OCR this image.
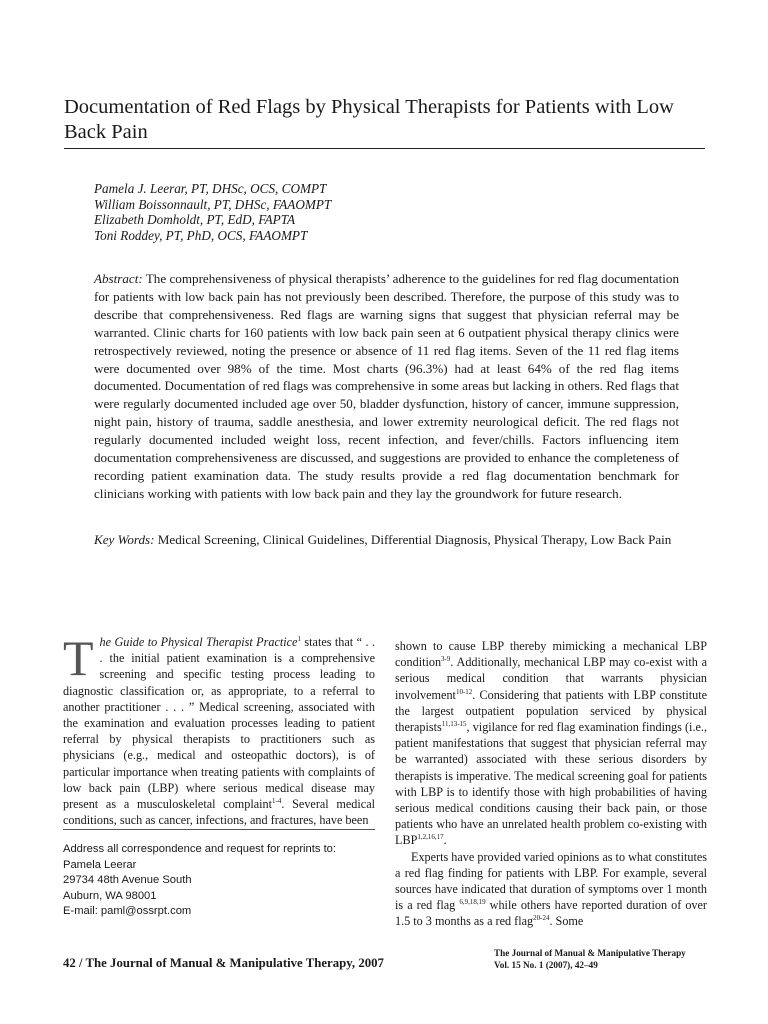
Documentation of Red Flags by Physical Therapists for Patients with Low Back Pain
Pamela J. Leerar, PT, DHSc, OCS, COMPT
William Boissonnault, PT, DHSc, FAAOMPT
Elizabeth Domholdt, PT, EdD, FAPTA
Toni Roddey, PT, PhD, OCS, FAAOMPT

Abstract: The comprehensiveness of physical therapists’ adherence to the guidelines for red flag documentation for patients with low back pain has not previously been described. Therefore, the purpose of this study was to describe that comprehensiveness. Red flags are warning signs that suggest that physician referral may be warranted. Clinic charts for 160 patients with low back pain seen at 6 outpatient physical therapy clinics were retrospectively reviewed, noting the presence or absence of 11 red flag items. Seven of the 11 red flag items were documented over 98% of the time. Most charts (96.3%) had at least 64% of the red flag items documented. Documentation of red flags was comprehensive in some areas but lacking in others. Red flags that were regularly documented included age over 50, bladder dysfunction, history of cancer, immune suppression, night pain, history of trauma, saddle anesthesia, and lower extremity neurological deficit. The red flags not regularly documented included weight loss, recent infection, and fever/chills. Factors influencing item documentation comprehensiveness are discussed, and suggestions are provided to enhance the completeness of recording patient examination data. The study results provide a red flag documentation benchmark for clinicians working with patients with low back pain and they lay the groundwork for future research.

Key Words: Medical Screening, Clinical Guidelines, Differential Diagnosis, Physical Therapy, Low Back Pain

The Guide to Physical Therapist Practice$^1$ states that “ . . . the initial patient examination is a comprehensive screening and specific testing process leading to diagnostic classification or, as appropriate, to a referral to another practitioner . . . ” Medical screening, associated with the examination and evaluation processes leading to patient referral by physical therapists to practitioners such as physicians (e.g., medical and osteopathic doctors), is of particular importance when treating patients with complaints of low back pain (LBP) where serious medical disease may present as a musculoskeletal complaint$^{1-4}$. Several medical conditions, such as cancer, infections, and fractures, have been

Address all correspondence and request for reprints to:
Pamela Leerar
29734 48th Avenue South
Auburn, WA 98001
E-mail: paml@ossrpt.com

shown to cause LBP thereby mimicking a mechanical LBP condition$^{3-9}$. Additionally, mechanical LBP may co-exist with a serious medical condition that warrants physician involvement$^{10-12}$. Considering that patients with LBP constitute the largest outpatient population serviced by physical therapists$^{11,13-15}$, vigilance for red flag examination findings (i.e., patient manifestations that suggest that physician referral may be warranted) associated with these serious disorders by therapists is imperative. The medical screening goal for patients with LBP is to identify those with high probabilities of having serious medical conditions causing their back pain, or those patients who have an unrelated health problem co-existing with LBP$^{1,2,16,17}$.

Experts have provided varied opinions as to what constitutes a red flag finding for patients with LBP. For example, several sources have indicated that duration of symptoms over 1 month is a red flag $^{6,9,18,19}$ while others have reported duration of over 1.5 to 3 months as a red flag$^{20-24}$. Some

42 / The Journal of Manual & Manipulative Therapy, 2007
The Journal of Manual & Manipulative Therapy
Vol. 15 No. 1 (2007), 42–49
